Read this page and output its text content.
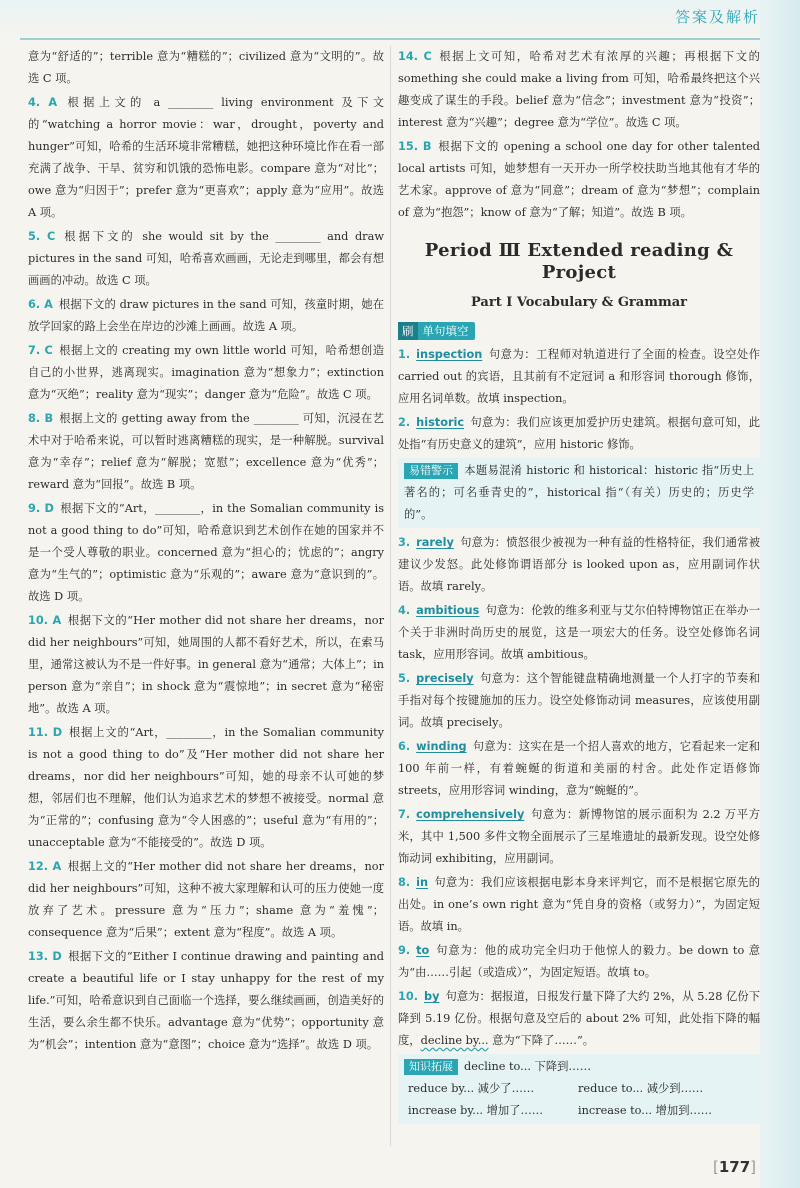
答案及解析
意为“舒适的”；terrible 意为“糟糕的”；civilized 意为“文明的”。故选 C 项。
4. A 根据上文的 a ________ living environment 及下文的“watching a horror movie：war，drought，poverty and hunger”可知，哈希的生活环境非常糟糕，她把这种环境比作在看一部充满了战争、干旱、贫穷和饥饿的恐怖电影。compare 意为“对比”；owe 意为“归因于”；prefer 意为“更喜欢”；apply 意为“应用”。故选 A 项。
5. C 根据下文的 she would sit by the ________ and draw pictures in the sand 可知，哈希喜欢画画，无论走到哪里，都会有想画画的冲动。故选 C 项。
6. A 根据下文的 draw pictures in the sand 可知，孩童时期，她在放学回家的路上会坐在岸边的沙滩上画画。故选 A 项。
7. C 根据上文的 creating my own little world 可知，哈希想创造自己的小世界，逃离现实。imagination 意为“想象力”；extinction 意为“灭绝”；reality 意为“现实”；danger 意为“危险”。故选 C 项。
8. B 根据上文的 getting away from the ________ 可知，沉浸在艺术中对于哈希来说，可以暂时逃离糟糕的现实，是一种解脱。survival 意为“幸存”；relief 意为“解脱；宽慰”；excellence 意为“优秀”；reward 意为“回报”。故选 B 项。
9. D 根据下文的“Art，________，in the Somalian community is not a good thing to do”可知，哈希意识到艺术创作在她的国家并不是一个受人尊敬的职业。concerned 意为“担心的；忧虑的”；angry 意为“生气的”；optimistic 意为“乐观的”；aware 意为“意识到的”。故选 D 项。
10. A 根据下文的“Her mother did not share her dreams，nor did her neighbours”可知，她周围的人都不看好艺术，所以，在索马里，通常这被认为不是一件好事。in general 意为“通常；大体上”；in person 意为“亲自”；in shock 意为“震惊地”；in secret 意为“秘密地”。故选 A 项。
11. D 根据上文的“Art，________，in the Somalian community is not a good thing to do”及“Her mother did not share her dreams，nor did her neighbours”可知，她的母亲不认可她的梦想，邻居们也不理解，他们认为追求艺术的梦想不被接受。normal 意为“正常的”；confusing 意为“令人困惑的”；useful 意为“有用的”；unacceptable 意为“不能接受的”。故选 D 项。
12. A 根据上文的“Her mother did not share her dreams，nor did her neighbours”可知，这种不被大家理解和认可的压力使她一度放弃了艺术。pressure 意为“压力”；shame 意为“羞愧”；consequence 意为“后果”；extent 意为“程度”。故选 A 项。
13. D 根据下文的“Either I continue drawing and painting and create a beautiful life or I stay unhappy for the rest of my life.”可知，哈希意识到自己面临一个选择，要么继续画画，创造美好的生活，要么余生都不快乐。advantage 意为“优势”；opportunity 意为“机会”；intention 意为“意图”；choice 意为“选择”。故选 D 项。
14. C 根据上文可知，哈希对艺术有浓厚的兴趣；再根据下文的 something she could make a living from 可知，哈希最终把这个兴趣变成了谋生的手段。belief 意为“信念”；investment 意为“投资”；interest 意为“兴趣”；degree 意为“学位”。故选 C 项。
15. B 根据下文的 opening a school one day for other talented local artists 可知，她梦想有一天开办一所学校扶助当地其他有才华的艺术家。approve of 意为“同意”；dream of 意为“梦想”；complain of 意为“抱怨”；know of 意为“了解；知道”。故选 B 项。
Period Ⅲ Extended reading & Project
Part Ⅰ Vocabulary & Grammar
刷 单句填空
1. inspection 句意为：工程师对轨道进行了全面的检查。设空处作 carried out 的宾语，且其前有不定冠词 a 和形容词 thorough 修饰，应用名词单数。故填 inspection。
2. historic 句意为：我们应该更加爱护历史建筑。根据句意可知，此处指“有历史意义的建筑”，应用 historic 修饰。
易错警示 本题易混淆 historic 和 historical：historic 指“历史上著名的；可名垂青史的”，historical 指“（有关）历史的；历史学的”。
3. rarely 句意为：愤怒很少被视为一种有益的性格特征，我们通常被建议少发怒。此处修饰谓语部分 is looked upon as，应用副词作状语。故填 rarely。
4. ambitious 句意为：伦敦的维多利亚与艾尔伯特博物馆正在举办一个关于非洲时尚历史的展览，这是一项宏大的任务。设空处修饰名词 task，应用形容词。故填 ambitious。
5. precisely 句意为：这个智能键盘精确地测量一个人打字的节奏和手指对每个按键施加的压力。设空处修饰动词 measures，应该使用副词。故填 precisely。
6. winding 句意为：这实在是一个招人喜欢的地方，它看起来一定和 100 年前一样，有着蜿蜒的街道和美丽的村舍。此处作定语修饰 streets，应用形容词 winding，意为“蜿蜒的”。
7. comprehensively 句意为：新博物馆的展示面积为 2.2 万平方米，其中 1,500 多件文物全面展示了三星堆遗址的最新发现。设空处修饰动词 exhibiting，应用副词。
8. in 句意为：我们应该根据电影本身来评判它，而不是根据它原先的出处。in one’s own right 意为“凭自身的资格（或努力）”，为固定短语。故填 in。
9. to 句意为：他的成功完全归功于他惊人的毅力。be down to 意为“由……引起（或造成）”，为固定短语。故填 to。
10. by 句意为：据报道，日报发行量下降了大约 2%，从 5.28 亿份下降到 5.19 亿份。根据句意及空后的 about 2% 可知，此处指下降的幅度，decline by... 意为“下降了……”。
知识拓展 decline to... 下降到……
reduce by... 减少了……	reduce to... 减少到……
increase by... 增加了……	increase to... 增加到……
[177]
